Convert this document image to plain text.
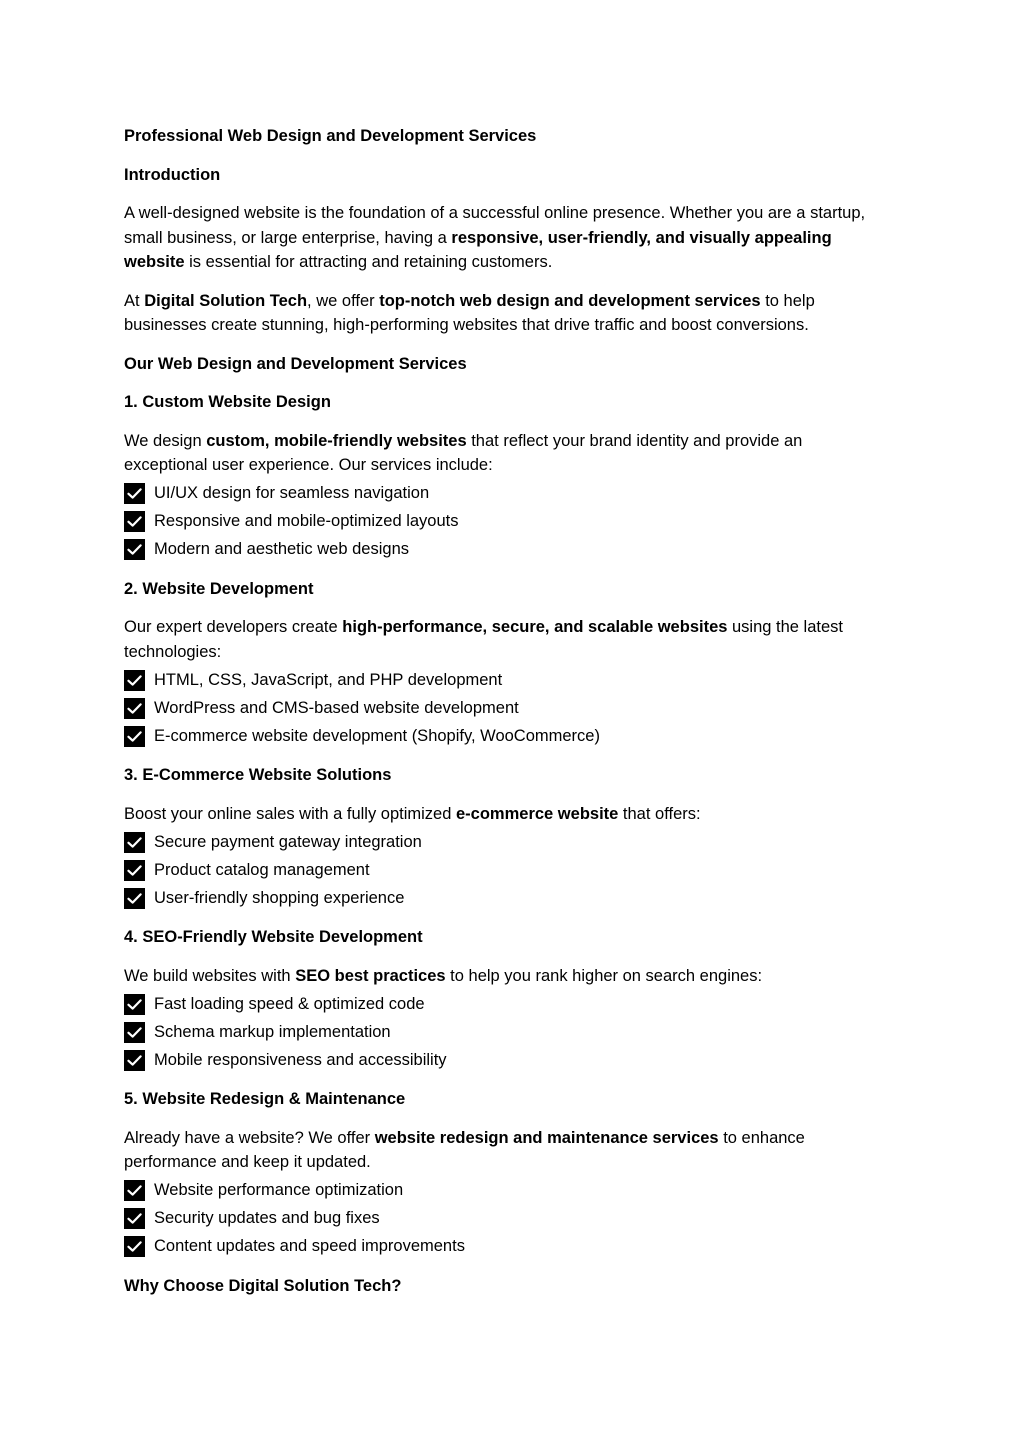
Professional Web Design and Development Services
Introduction
A well-designed website is the foundation of a successful online presence. Whether you are a startup, small business, or large enterprise, having a responsive, user-friendly, and visually appealing website is essential for attracting and retaining customers.
At Digital Solution Tech, we offer top-notch web design and development services to help businesses create stunning, high-performing websites that drive traffic and boost conversions.
Our Web Design and Development Services
1. Custom Website Design
We design custom, mobile-friendly websites that reflect your brand identity and provide an exceptional user experience. Our services include:
UI/UX design for seamless navigation
Responsive and mobile-optimized layouts
Modern and aesthetic web designs
2. Website Development
Our expert developers create high-performance, secure, and scalable websites using the latest technologies:
HTML, CSS, JavaScript, and PHP development
WordPress and CMS-based website development
E-commerce website development (Shopify, WooCommerce)
3. E-Commerce Website Solutions
Boost your online sales with a fully optimized e-commerce website that offers:
Secure payment gateway integration
Product catalog management
User-friendly shopping experience
4. SEO-Friendly Website Development
We build websites with SEO best practices to help you rank higher on search engines:
Fast loading speed & optimized code
Schema markup implementation
Mobile responsiveness and accessibility
5. Website Redesign & Maintenance
Already have a website? We offer website redesign and maintenance services to enhance performance and keep it updated.
Website performance optimization
Security updates and bug fixes
Content updates and speed improvements
Why Choose Digital Solution Tech?
